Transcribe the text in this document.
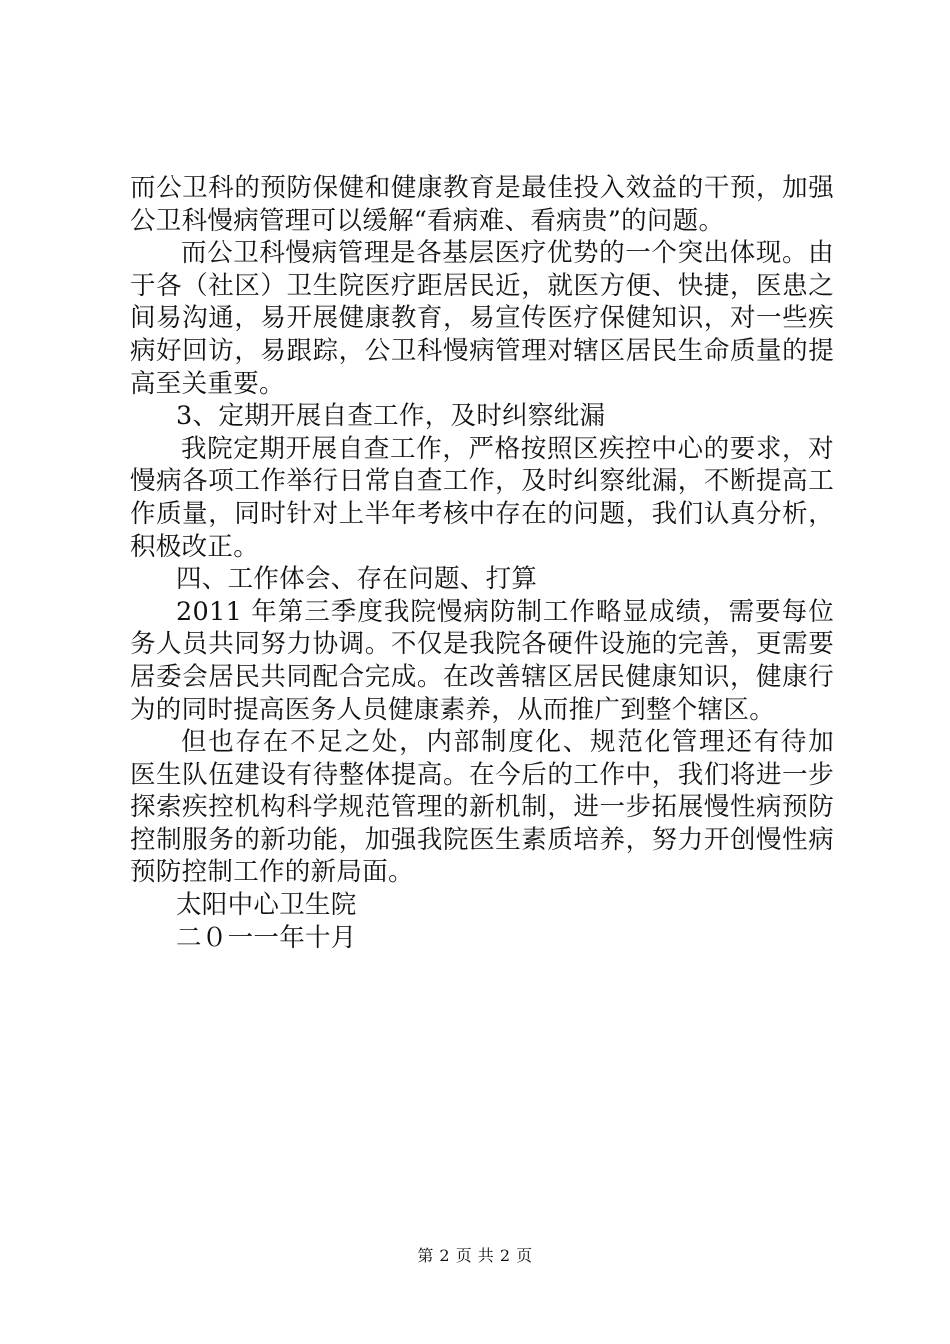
而公卫科的预防保健和健康教育是最佳投入效益的干预，加强
公卫科慢病管理可以缓解“看病难、看病贵”的问题。
而公卫科慢病管理是各基层医疗优势的一个突出体现。由
于各（社区）卫生院医疗距居民近，就医方便、快捷，医患之
间易沟通，易开展健康教育，易宣传医疗保健知识，对一些疾
病好回访，易跟踪，公卫科慢病管理对辖区居民生命质量的提
高至关重要。
3、定期开展自查工作，及时纠察纰漏
我院定期开展自查工作，严格按照区疾控中心的要求，对
慢病各项工作举行日常自查工作，及时纠察纰漏，不断提高工
作质量，同时针对上半年考核中存在的问题，我们认真分析，
积极改正。
四、工作体会、存在问题、打算
2011 年第三季度我院慢病防制工作略显成绩，需要每位
务人员共同努力协调。不仅是我院各硬件设施的完善，更需要
居委会居民共同配合完成。在改善辖区居民健康知识，健康行
为的同时提高医务人员健康素养，从而推广到整个辖区。
但也存在不足之处，内部制度化、规范化管理还有待加
医生队伍建设有待整体提高。在今后的工作中，我们将进一步
探索疾控机构科学规范管理的新机制，进一步拓展慢性病预防
控制服务的新功能，加强我院医生素质培养，努力开创慢性病
预防控制工作的新局面。
太阳中心卫生院
二０一一年十月
第 2 页 共 2 页
